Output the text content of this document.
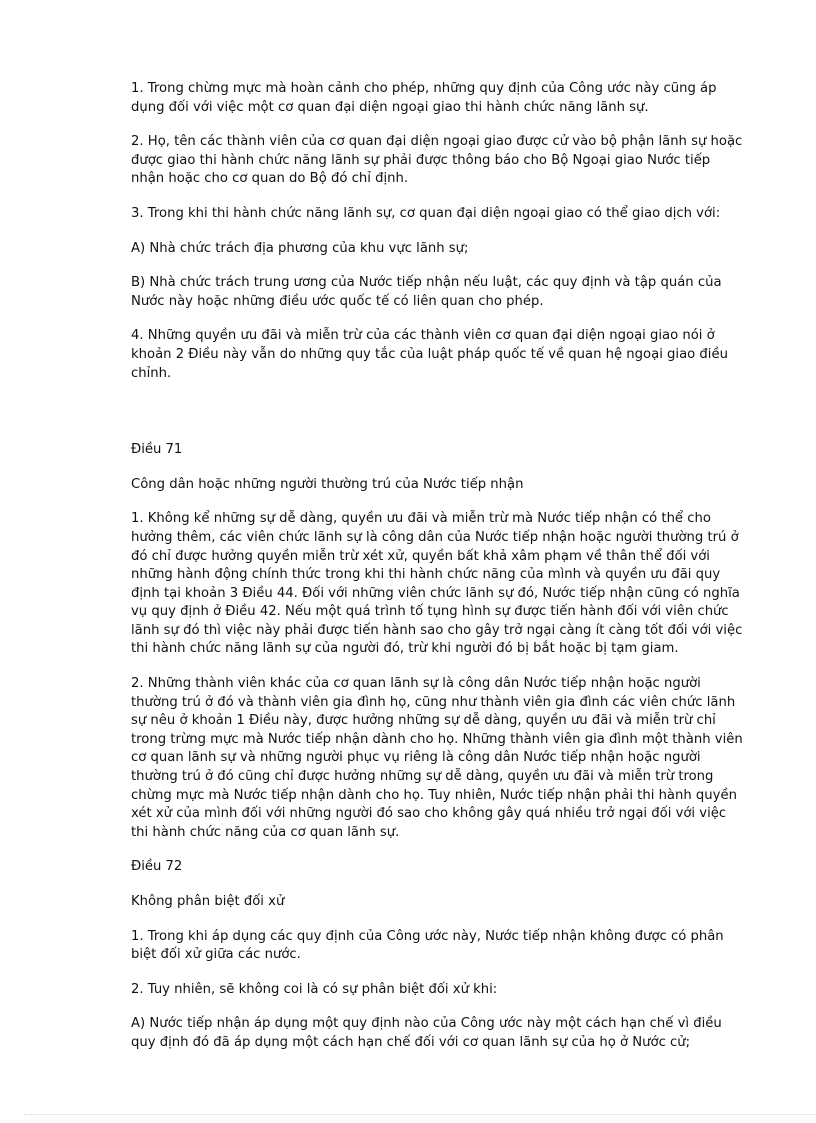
1. Trong chừng mực mà hoàn cảnh cho phép, những quy định của Công ước này cũng áp dụng đối với việc một cơ quan đại diện ngoại giao thi hành chức năng lãnh sự.

2. Họ, tên các thành viên của cơ quan đại diện ngoại giao được cử vào bộ phận lãnh sự hoặc được giao thi hành chức năng lãnh sự phải được thông báo cho Bộ Ngoại giao Nước tiếp nhận hoặc cho cơ quan do Bộ đó chỉ định.

3. Trong khi thi hành chức năng lãnh sự, cơ quan đại diện ngoại giao có thể giao dịch với:

A) Nhà chức trách địa phương của khu vực lãnh sự;

B) Nhà chức trách trung ương của Nước tiếp nhận nếu luật, các quy định và tập quán của Nước này hoặc những điều ước quốc tế có liên quan cho phép.

4. Những quyền ưu đãi và miễn trừ của các thành viên cơ quan đại diện ngoại giao nói ở khoản 2 Điều này vẫn do những quy tắc của luật pháp quốc tế về quan hệ ngoại giao điều chỉnh.

Điều 71

Công dân hoặc những người thường trú của Nước tiếp nhận

1. Không kể những sự dễ dàng, quyền ưu đãi và miễn trừ mà Nước tiếp nhận có thể cho hưởng thêm, các viên chức lãnh sự là công dân của Nước tiếp nhận hoặc người thường trú ở đó chỉ được hưởng quyền miễn trừ xét xử, quyền bất khả xâm phạm về thân thể đối với những hành động chính thức trong khi thi hành chức năng của mình và quyền ưu đãi quy định tại khoản 3 Điều 44. Đối với những viên chức lãnh sự đó, Nước tiếp nhận cũng có nghĩa vụ quy định ở Điều 42. Nếu một quá trình tố tụng hình sự được tiến hành đối với viên chức lãnh sự đó thì việc này phải được tiến hành sao cho gây trở ngại càng ít càng tốt đối với việc thi hành chức năng lãnh sự của người đó, trừ khi người đó bị bắt hoặc bị tạm giam.

2. Những thành viên khác của cơ quan lãnh sự là công dân Nước tiếp nhận hoặc người thường trú ở đó và thành viên gia đình họ, cũng như thành viên gia đình các viên chức lãnh sự nêu ở khoản 1 Điều này, được hưởng những sự dễ dàng, quyền ưu đãi và miễn trừ chỉ trong trừng mực mà Nước tiếp nhận dành cho họ. Những thành viên gia đình một thành viên cơ quan lãnh sự và những người phục vụ riêng là công dân Nước tiếp nhận hoặc người thường trú ở đó cũng chỉ được hưởng những sự dễ dàng, quyền ưu đãi và miễn trừ trong chừng mực mà Nước tiếp nhận dành cho họ. Tuy nhiên, Nước tiếp nhận phải thi hành quyền xét xử của mình đối với những người đó sao cho không gây quá nhiều trở ngại đối với việc thi hành chức năng của cơ quan lãnh sự.

Điều 72

Không phân biệt đối xử

1. Trong khi áp dụng các quy định của Công ước này, Nước tiếp nhận không được có phân biệt đối xử giữa các nước.

2. Tuy nhiên, sẽ không coi là có sự phân biệt đối xử khi:

A) Nước tiếp nhận áp dụng một quy định nào của Công ước này một cách hạn chế vì điều quy định đó đã áp dụng một cách hạn chế đối với cơ quan lãnh sự của họ ở Nước cử;
